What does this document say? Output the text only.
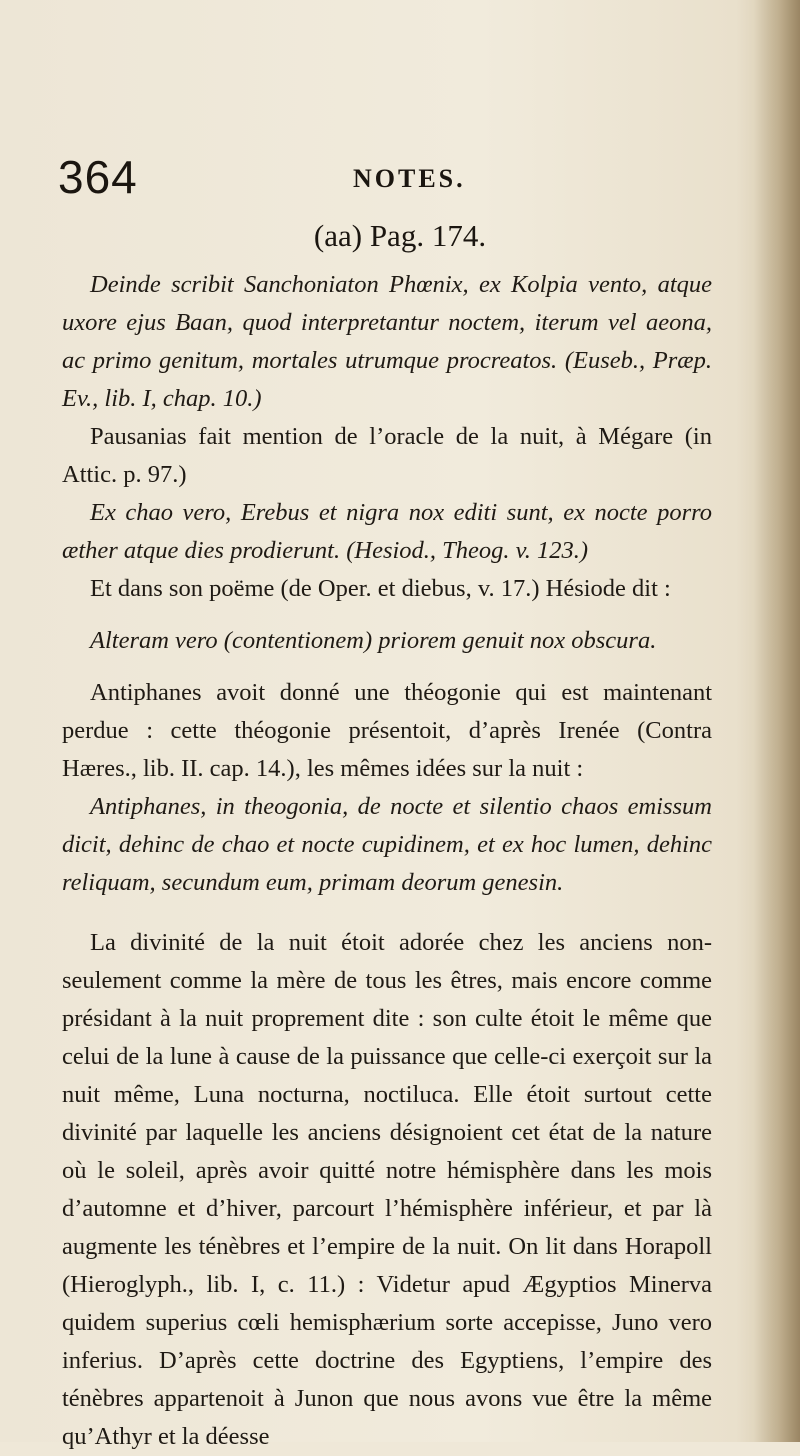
364	NOTES.
(aa) Pag. 174.

Deinde scribit Sanchoniaton Phœnix, ex Kolpia vento, atque uxore ejus Baan, quod interpretantur noctem, iterum vel aeona, ac primo genitum, mortales utrumque procreatos. (Euseb., Præp. Ev., lib. I, chap. 10.)

Pausanias fait mention de l’oracle de la nuit, à Mégare (in Attic. p. 97.)

Ex chao vero, Erebus et nigra nox editi sunt, ex nocte porro æther atque dies prodierunt. (Hesiod., Theog. v. 123.)

Et dans son poëme (de Oper. et diebus, v. 17.) Hésiode dit :

Alteram vero (contentionem) priorem genuit nox obscura.

Antiphanes avoit donné une théogonie qui est maintenant perdue : cette théogonie présentoit, d’après Irenée (Contra Hæres., lib. II. cap. 14.), les mêmes idées sur la nuit :

Antiphanes, in theogonia, de nocte et silentio chaos emissum dicit, dehinc de chao et nocte cupidinem, et ex hoc lumen, dehinc reliquam, secundum eum, primam deorum genesin.

La divinité de la nuit étoit adorée chez les anciens non-seulement comme la mère de tous les êtres, mais encore comme présidant à la nuit proprement dite : son culte étoit le même que celui de la lune à cause de la puissance que celle-ci exerçoit sur la nuit même, Luna nocturna, noctiluca. Elle étoit surtout cette divinité par laquelle les anciens désignoient cet état de la nature où le soleil, après avoir quitté notre hémisphère dans les mois d’automne et d’hiver, parcourt l’hémisphère inférieur, et par là augmente les ténèbres et l’empire de la nuit. On lit dans Horapoll (Hieroglyph., lib. I, c. 11.) : Videtur apud Ægyptios Minerva quidem superius cœli hemisphærium sorte accepisse, Juno vero inferius. D’après cette doctrine des Egyptiens, l’empire des ténèbres appartenoit à Junon que nous avons vue être la même qu’Athyr et la déesse
